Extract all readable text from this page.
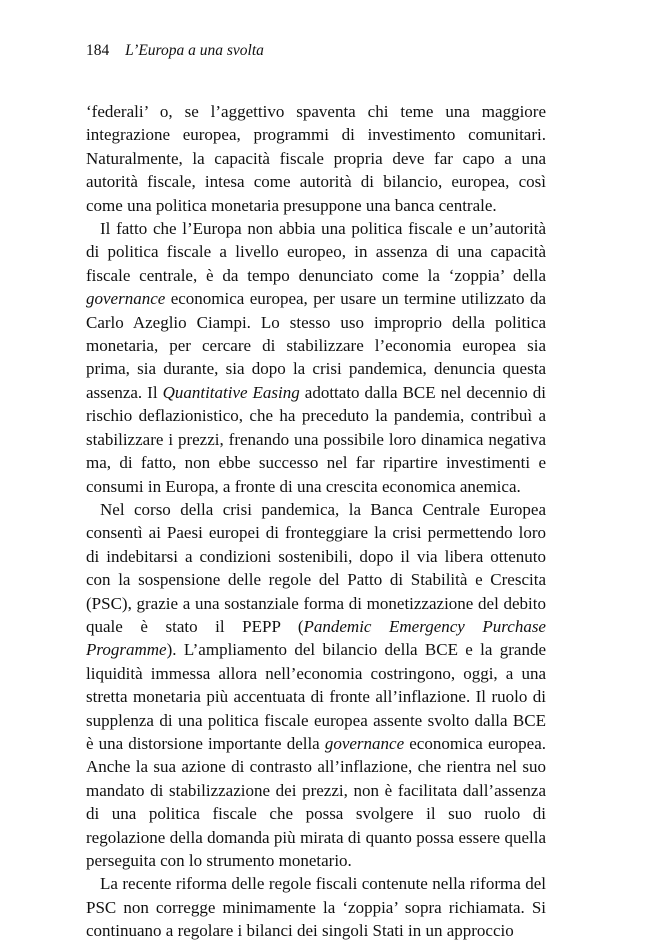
184 L’Europa a una svolta

‘federali’ o, se l’aggettivo spaventa chi teme una maggiore integrazione europea, programmi di investimento comunitari. Naturalmente, la capacità fiscale propria deve far capo a una autorità fiscale, intesa come autorità di bilancio, europea, così come una politica monetaria presuppone una banca centrale.

Il fatto che l’Europa non abbia una politica fiscale e un’autorità di politica fiscale a livello europeo, in assenza di una capacità fiscale centrale, è da tempo denunciato come la ‘zoppia’ della governance economica europea, per usare un termine utilizzato da Carlo Azeglio Ciampi. Lo stesso uso improprio della politica monetaria, per cercare di stabilizzare l’economia europea sia prima, sia durante, sia dopo la crisi pandemica, denuncia questa assenza. Il Quantitative Easing adottato dalla BCE nel decennio di rischio deflazionistico, che ha preceduto la pandemia, contribuì a stabilizzare i prezzi, frenando una possibile loro dinamica negativa ma, di fatto, non ebbe successo nel far ripartire investimenti e consumi in Europa, a fronte di una crescita economica anemica.

Nel corso della crisi pandemica, la Banca Centrale Europea consentì ai Paesi europei di fronteggiare la crisi permettendo loro di indebitarsi a condizioni sostenibili, dopo il via libera ottenuto con la sospensione delle regole del Patto di Stabilità e Crescita (PSC), grazie a una sostanziale forma di monetizzazione del debito quale è stato il PEPP (Pandemic Emergency Purchase Programme). L’ampliamento del bilancio della BCE e la grande liquidità immessa allora nell’economia costringono, oggi, a una stretta monetaria più accentuata di fronte all’inflazione. Il ruolo di supplenza di una politica fiscale europea assente svolto dalla BCE è una distorsione importante della governance economica europea. Anche la sua azione di contrasto all’inflazione, che rientra nel suo mandato di stabilizzazione dei prezzi, non è facilitata dall’assenza di una politica fiscale che possa svolgere il suo ruolo di regolazione della domanda più mirata di quanto possa essere quella perseguita con lo strumento monetario.

La recente riforma delle regole fiscali contenute nella riforma del PSC non corregge minimamente la ‘zoppia’ sopra richiamata. Si continuano a regolare i bilanci dei singoli Stati in un approccio
